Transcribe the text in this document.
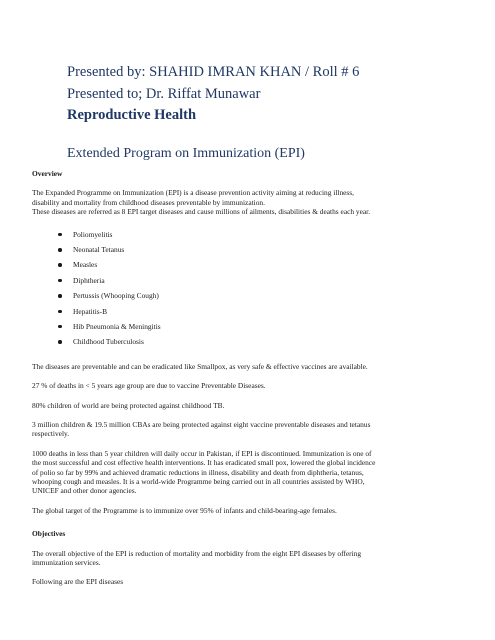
Presented by: SHAHID IMRAN KHAN / Roll # 6

Presented to; Dr. Riffat Munawar

Reproductive Health

Extended Program on Immunization (EPI)

Overview

The Expanded Programme on Immunization (EPI) is a disease prevention activity aiming at reducing illness,
disability and mortality from childhood diseases preventable by immunization.
These diseases are referred as 8 EPI target diseases and cause millions of ailments, disabilities & deaths each year.

Poliomyelitis
Neonatal Tetanus
Measles
Diphtheria
Pertussis (Whooping Cough)
Hepatitis-B
Hib Pneumonia & Meningitis
Childhood Tuberculosis

The diseases are preventable and can be eradicated like Smallpox, as very safe & effective vaccines are available.

27 % of deaths in < 5 years age group are due to vaccine Preventable Diseases.

80% children of world are being protected against childhood TB.

3 million children & 19.5 million CBAs are being protected against eight vaccine preventable diseases and tetanus
respectively.

1000 deaths in less than 5 year children will daily occur in Pakistan, if EPI is discontinued. Immunization is one of
the most successful and cost effective health interventions. It has eradicated small pox, lowered the global incidence
of polio so far by 99% and achieved dramatic reductions in illness, disability and death from diphtheria, tetanus,
whooping cough and measles. It is a world-wide Programme being carried out in all countries assisted by WHO,
UNICEF and other donor agencies.

The global target of the Programme is to immunize over 95% of infants and child-bearing-age females.

Objectives

The overall objective of the EPI is reduction of mortality and morbidity from the eight EPI diseases by offering
immunization services.

Following are the EPI diseases
